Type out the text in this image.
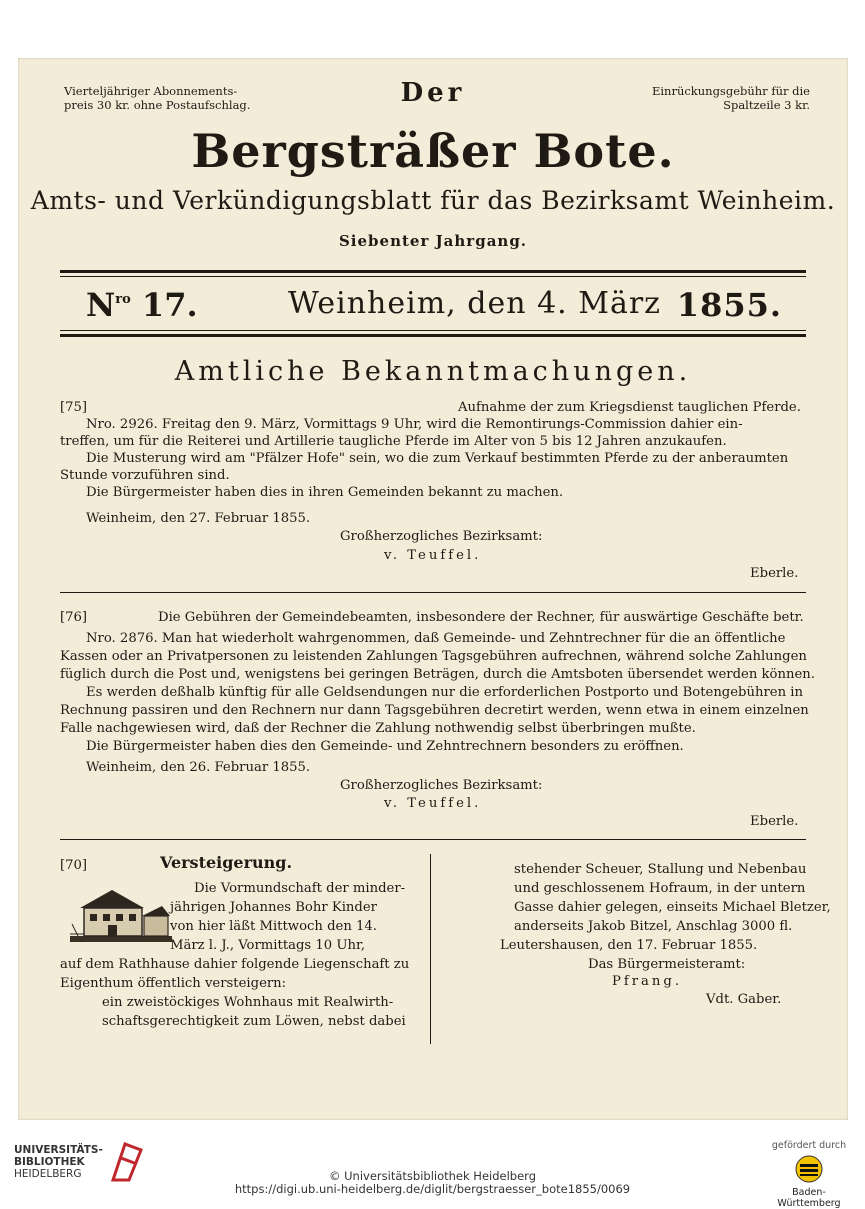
Vierteljähriger Abonnements-
preis 30 kr. ohne Postaufschlag.	Der	Einrückungsgebühr für die
Spaltzeile 3 kr.
Bergsträßer Bote.
Amts- und Verkündigungsblatt für das Bezirksamt Weinheim.
Siebenter Jahrgang.
$N^{ro}$ 17.	Weinheim, den 4. März 1855.
Amtliche Bekanntmachungen.
[75]	Aufnahme der zum Kriegsdienst tauglichen Pferde.
Nro. 2926. Freitag den 9. März, Vormittags 9 Uhr, wird die Remontirungs-Commission dahier ein-
treffen, um für die Reiterei und Artillerie taugliche Pferde im Alter von 5 bis 12 Jahren anzukaufen.
Die Musterung wird am "Pfälzer Hofe" sein, wo die zum Verkauf bestimmten Pferde zu der anberaumten
Stunde vorzuführen sind.
Die Bürgermeister haben dies in ihren Gemeinden bekannt zu machen.
Weinheim, den 27. Februar 1855.
Großherzogliches Bezirksamt:
v. Teuffel.
Eberle.
[76]	Die Gebühren der Gemeindebeamten, insbesondere der Rechner, für auswärtige Geschäfte betr.
Nro. 2876. Man hat wiederholt wahrgenommen, daß Gemeinde- und Zehntrechner für die an öffentliche
Kassen oder an Privatpersonen zu leistenden Zahlungen Tagsgebühren aufrechnen, während solche Zahlungen
füglich durch die Post und, wenigstens bei geringen Beträgen, durch die Amtsboten übersendet werden können.
Es werden deßhalb künftig für alle Geldsendungen nur die erforderlichen Postporto und Botengebühren in
Rechnung passiren und den Rechnern nur dann Tagsgebühren decretirt werden, wenn etwa in einem einzelnen
Falle nachgewiesen wird, daß der Rechner die Zahlung nothwendig selbst überbringen mußte.
Die Bürgermeister haben dies den Gemeinde- und Zehntrechnern besonders zu eröffnen.
Weinheim, den 26. Februar 1855.
Großherzogliches Bezirksamt:
v. Teuffel.
Eberle.
[70]	Versteigerung.
Die Vormundschaft der minder-
jährigen Johannes Bohr Kinder
von hier läßt Mittwoch den 14.
März l. J., Vormittags 10 Uhr,
auf dem Rathhause dahier folgende Liegenschaft zu
Eigenthum öffentlich versteigern:
ein zweistöckiges Wohnhaus mit Realwirth-
schaftsgerechtigkeit zum Löwen, nebst dabei
stehender Scheuer, Stallung und Nebenbau
und geschlossenem Hofraum, in der untern
Gasse dahier gelegen, einseits Michael Bletzer,
anderseits Jakob Bitzel, Anschlag 3000 fl.
Leutershausen, den 17. Februar 1855.
Das Bürgermeisteramt:
Pfrang.
Vdt. Gaber.
UNIVERSITÄTS-
BIBLIOTHEK
HEIDELBERG	© Universitätsbibliothek Heidelberg
https://digi.ub.uni-heidelberg.de/diglit/bergstraesser_bote1855/0069
gefördert durch
Baden-Württemberg
